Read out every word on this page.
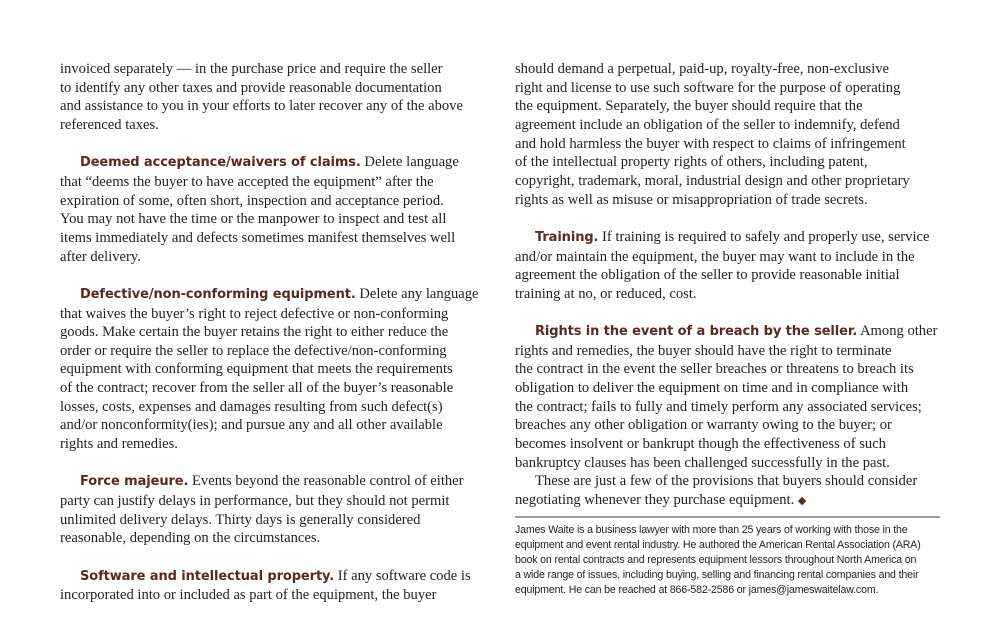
invoiced separately — in the purchase price and require the seller
to identify any other taxes and provide reasonable documentation
and assistance to you in your efforts to later recover any of the above
referenced taxes.

Deemed acceptance/waivers of claims. Delete language
that “deems the buyer to have accepted the equipment” after the
expiration of some, often short, inspection and acceptance period.
You may not have the time or the manpower to inspect and test all
items immediately and defects sometimes manifest themselves well
after delivery.

Defective/non-conforming equipment. Delete any language
that waives the buyer’s right to reject defective or non-conforming
goods. Make certain the buyer retains the right to either reduce the
order or require the seller to replace the defective/non-conforming
equipment with conforming equipment that meets the requirements
of the contract; recover from the seller all of the buyer’s reasonable
losses, costs, expenses and damages resulting from such defect(s)
and/or nonconformity(ies); and pursue any and all other available
rights and remedies.

Force majeure. Events beyond the reasonable control of either
party can justify delays in performance, but they should not permit
unlimited delivery delays. Thirty days is generally considered
reasonable, depending on the circumstances.

Software and intellectual property. If any software code is
incorporated into or included as part of the equipment, the buyer

should demand a perpetual, paid-up, royalty-free, non-exclusive
right and license to use such software for the purpose of operating
the equipment. Separately, the buyer should require that the
agreement include an obligation of the seller to indemnify, defend
and hold harmless the buyer with respect to claims of infringement
of the intellectual property rights of others, including patent,
copyright, trademark, moral, industrial design and other proprietary
rights as well as misuse or misappropriation of trade secrets.

Training. If training is required to safely and properly use, service
and/or maintain the equipment, the buyer may want to include in the
agreement the obligation of the seller to provide reasonable initial
training at no, or reduced, cost.

Rights in the event of a breach by the seller. Among other
rights and remedies, the buyer should have the right to terminate
the contract in the event the seller breaches or threatens to breach its
obligation to deliver the equipment on time and in compliance with
the contract; fails to fully and timely perform any associated services;
breaches any other obligation or warranty owing to the buyer; or
becomes insolvent or bankrupt though the effectiveness of such
bankruptcy clauses has been challenged successfully in the past.

These are just a few of the provisions that buyers should consider
negotiating whenever they purchase equipment. ◆

James Waite is a business lawyer with more than 25 years of working with those in the
equipment and event rental industry. He authored the American Rental Association (ARA)
book on rental contracts and represents equipment lessors throughout North America on
a wide range of issues, including buying, selling and financing rental companies and their
equipment. He can be reached at 866-582-2586 or james@jameswaitelaw.com.
